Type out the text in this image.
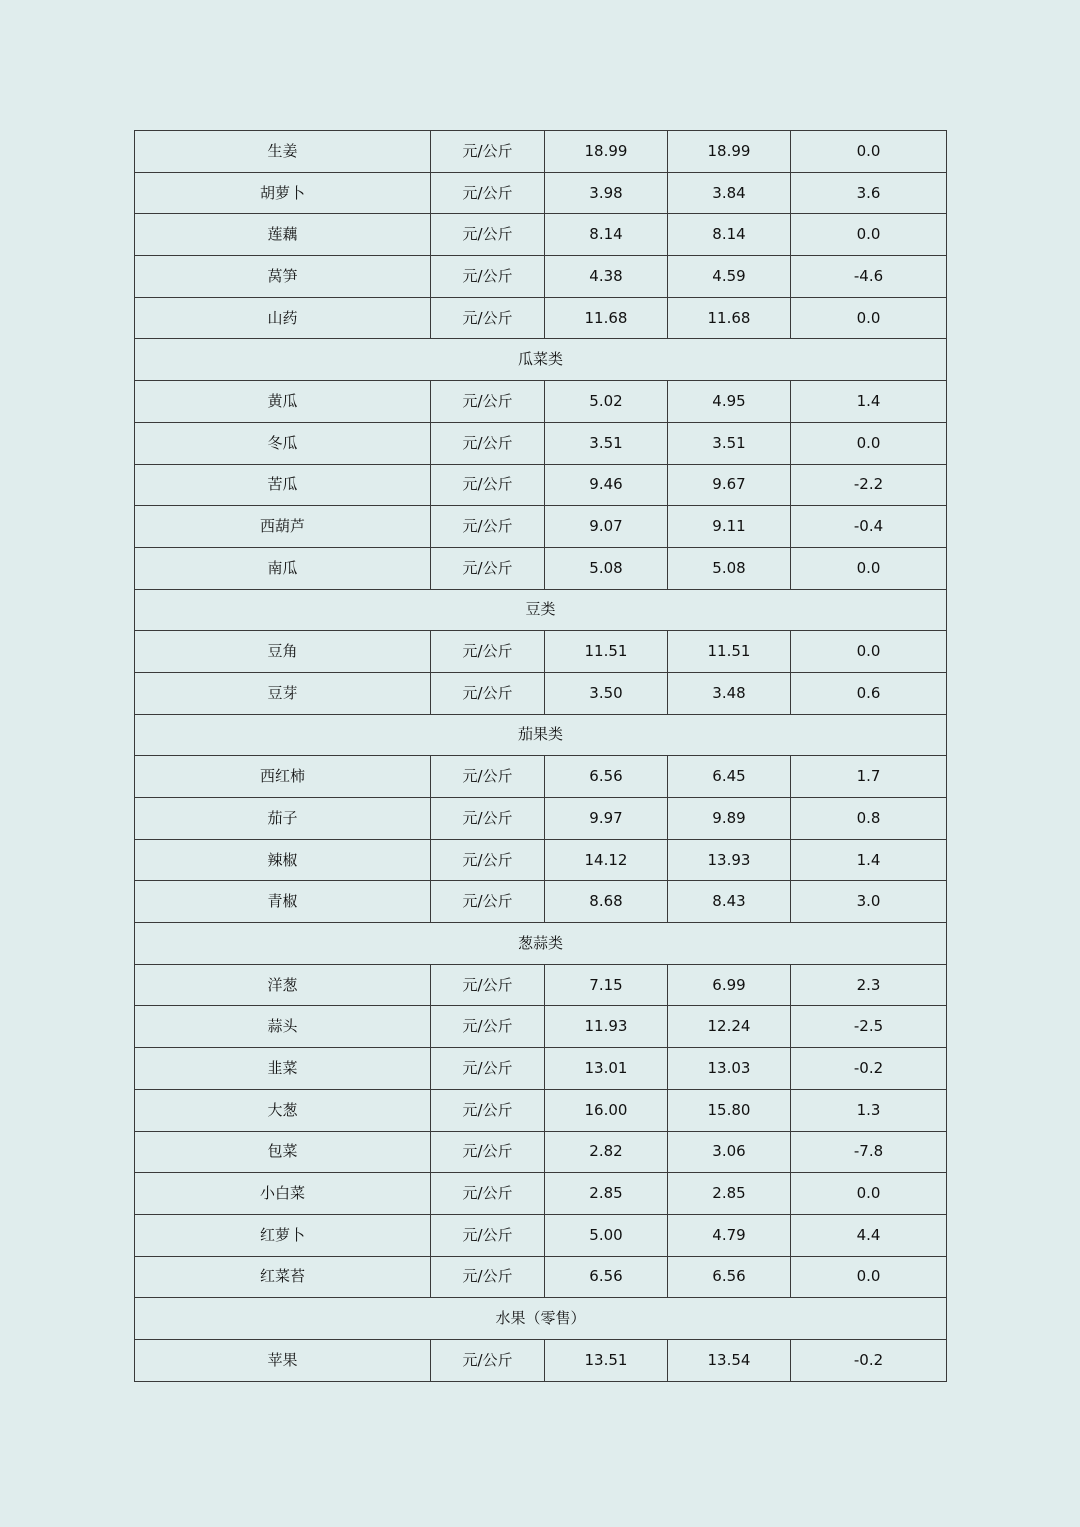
生姜	元/公斤	18.99	18.99	0.0
胡萝卜	元/公斤	3.98	3.84	3.6
莲藕	元/公斤	8.14	8.14	0.0
莴笋	元/公斤	4.38	4.59	-4.6
山药	元/公斤	11.68	11.68	0.0
瓜菜类				
黄瓜	元/公斤	5.02	4.95	1.4
冬瓜	元/公斤	3.51	3.51	0.0
苦瓜	元/公斤	9.46	9.67	-2.2
西葫芦	元/公斤	9.07	9.11	-0.4
南瓜	元/公斤	5.08	5.08	0.0
豆类				
豆角	元/公斤	11.51	11.51	0.0
豆芽	元/公斤	3.50	3.48	0.6
茄果类				
西红柿	元/公斤	6.56	6.45	1.7
茄子	元/公斤	9.97	9.89	0.8
辣椒	元/公斤	14.12	13.93	1.4
青椒	元/公斤	8.68	8.43	3.0
葱蒜类				
洋葱	元/公斤	7.15	6.99	2.3
蒜头	元/公斤	11.93	12.24	-2.5
韭菜	元/公斤	13.01	13.03	-0.2
大葱	元/公斤	16.00	15.80	1.3
包菜	元/公斤	2.82	3.06	-7.8
小白菜	元/公斤	2.85	2.85	0.0
红萝卜	元/公斤	5.00	4.79	4.4
红菜苔	元/公斤	6.56	6.56	0.0
水果（零售）				
苹果	元/公斤	13.51	13.54	-0.2
